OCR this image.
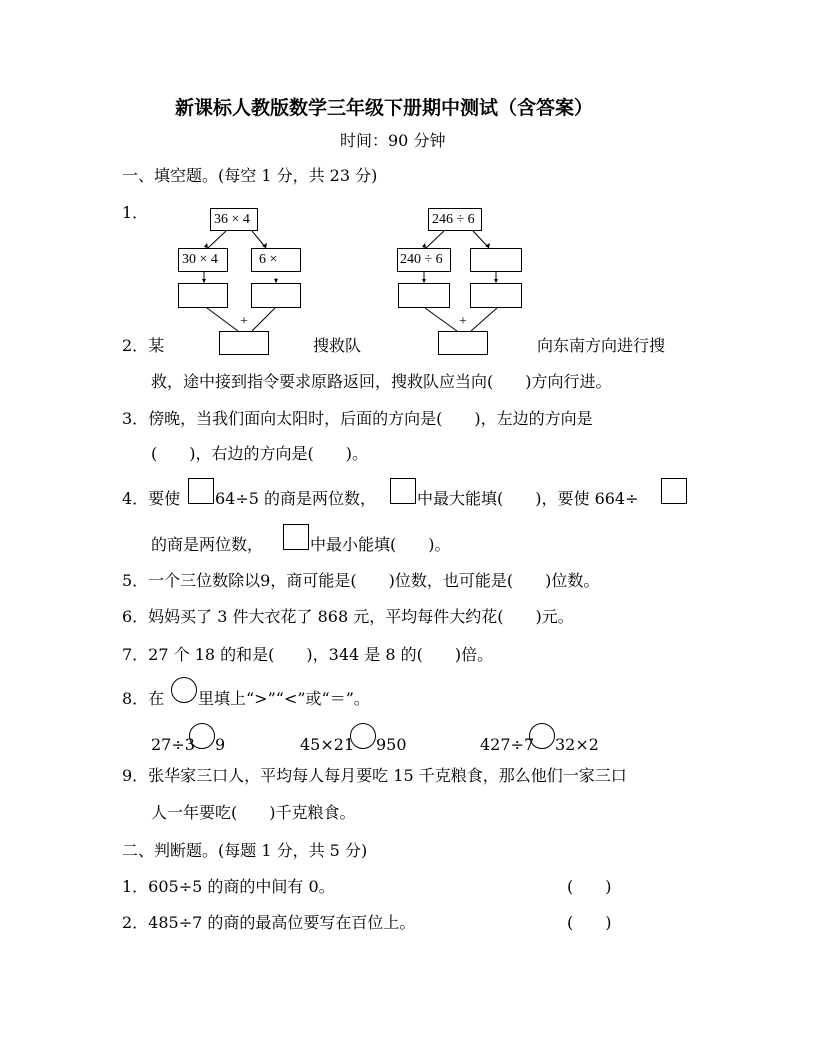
新课标人教版数学三年级下册期中测试（含答案）
时间：90 分钟
一、填空题。(每空 1 分，共 23 分)
1．	36 × 4
30 × 4	6 ×
+
246 ÷ 6
240 ÷ 6
+
2．某	搜救队	向东南方向进行搜
救，途中接到指令要求原路返回，搜救队应当向(　　)方向行进。
3．傍晚，当我们面向太阳时，后面的方向是(　　)，左边的方向是
(　　)，右边的方向是(　　)。
4．要使 64÷5 的商是两位数，	中最大能填(　　)，要使 664÷
的商是两位数，	中最小能填(　　)。
5．一个三位数除以9，商可能是(　　)位数，也可能是(　　)位数。
6．妈妈买了 3 件大衣花了 868 元，平均每件大约花(　　)元。
7．27 个 18 的和是(　　)，344 是 8 的(　　)倍。
8．在 里填上“>”“<”或“＝”。
27÷3 9	45×21 950	427÷7 32×2
9．张华家三口人，平均每人每月要吃 15 千克粮食，那么他们一家三口
人一年要吃(　　)千克粮食。
二、判断题。(每题 1 分，共 5 分)
1．605÷5 的商的中间有 0。	(　　)
2．485÷7 的商的最高位要写在百位上。	(　　)
